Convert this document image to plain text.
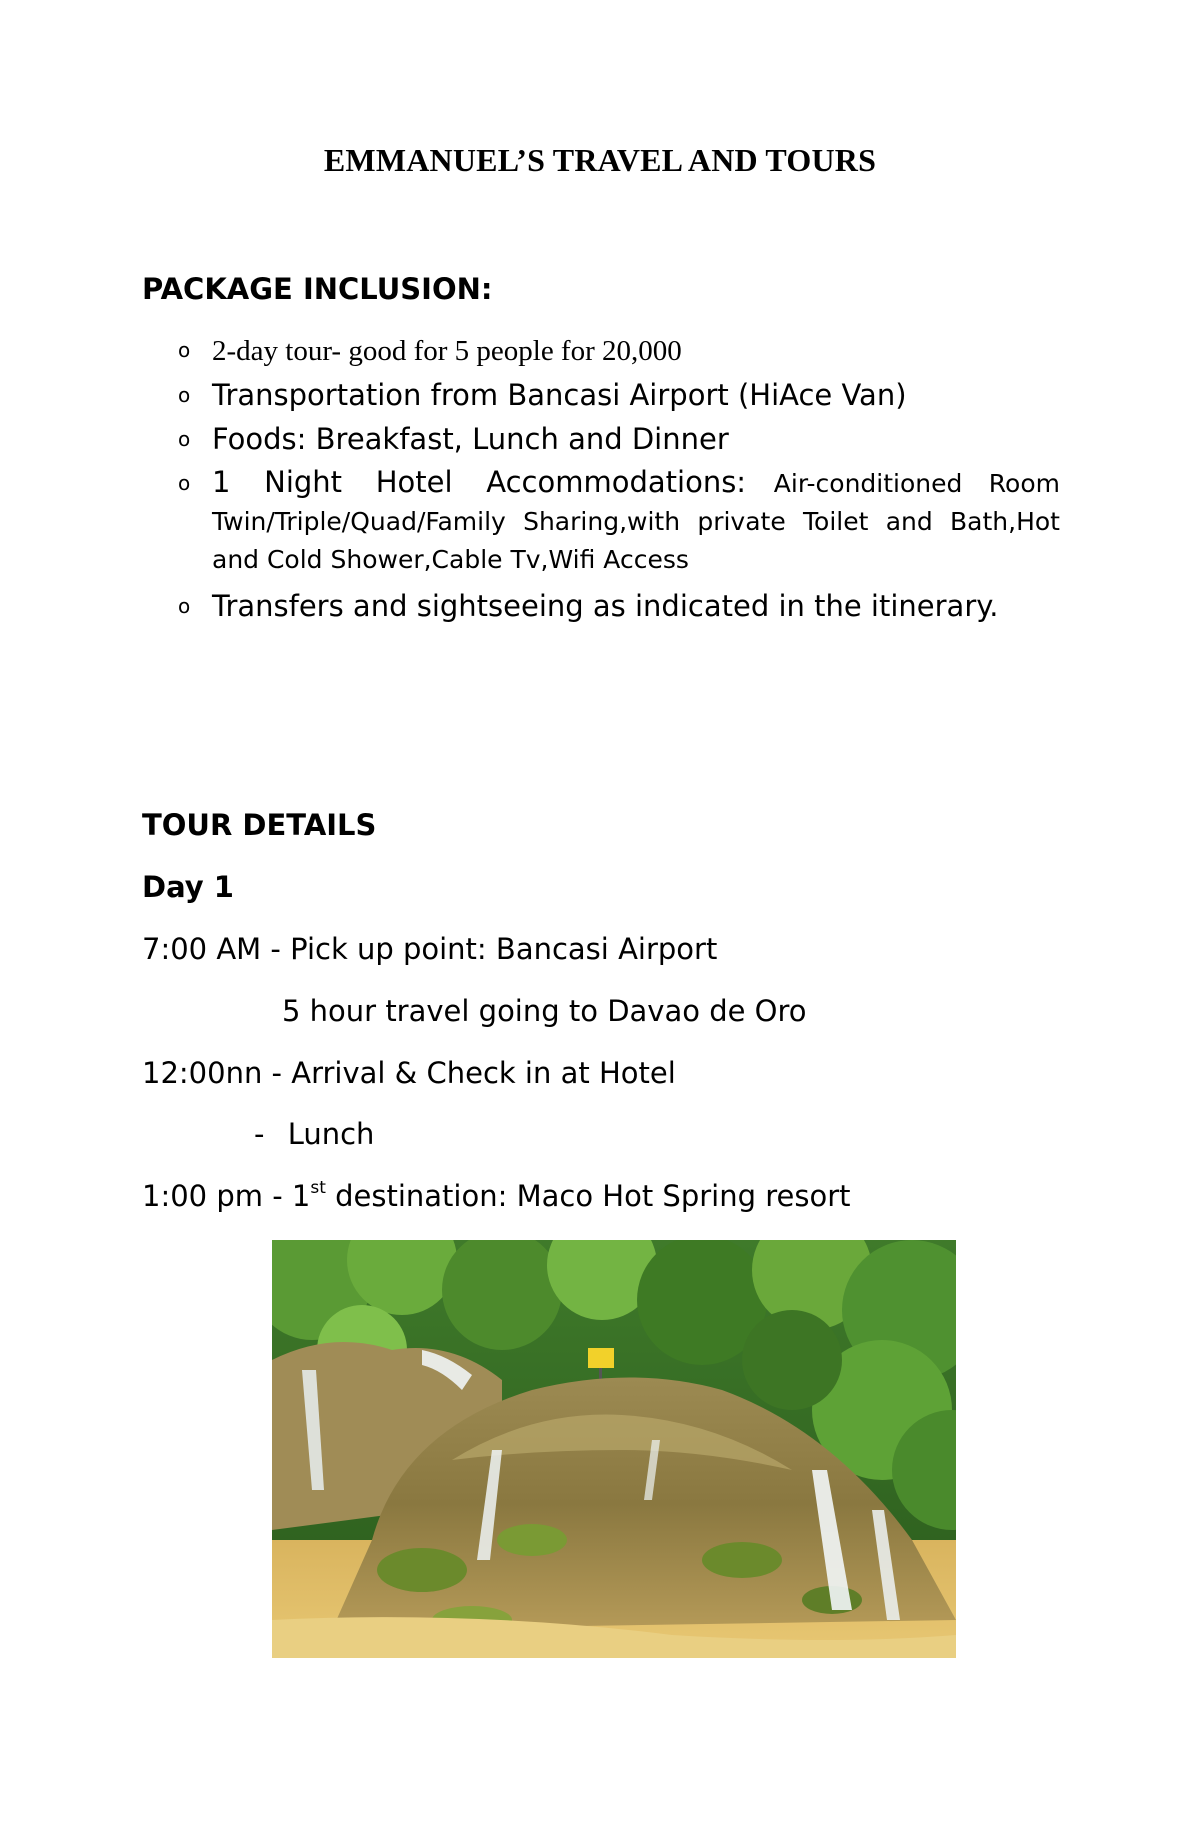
EMMANUEL’S TRAVEL AND TOURS
PACKAGE INCLUSION:
o 2-day tour- good for 5 people for 20,000
o Transportation from Bancasi Airport (HiAce Van)
o Foods: Breakfast, Lunch and Dinner
o 1 Night Hotel Accommodations: Air-conditioned Room Twin/Triple/Quad/Family Sharing,with private Toilet and Bath,Hot and Cold Shower,Cable Tv,Wifi Access
o Transfers and sightseeing as indicated in the itinerary.
TOUR DETAILS
Day 1
7:00 AM - Pick up point: Bancasi Airport
5 hour travel going to Davao de Oro
12:00nn - Arrival & Check in at Hotel
- Lunch
1:00 pm - 1st destination: Maco Hot Spring resort
